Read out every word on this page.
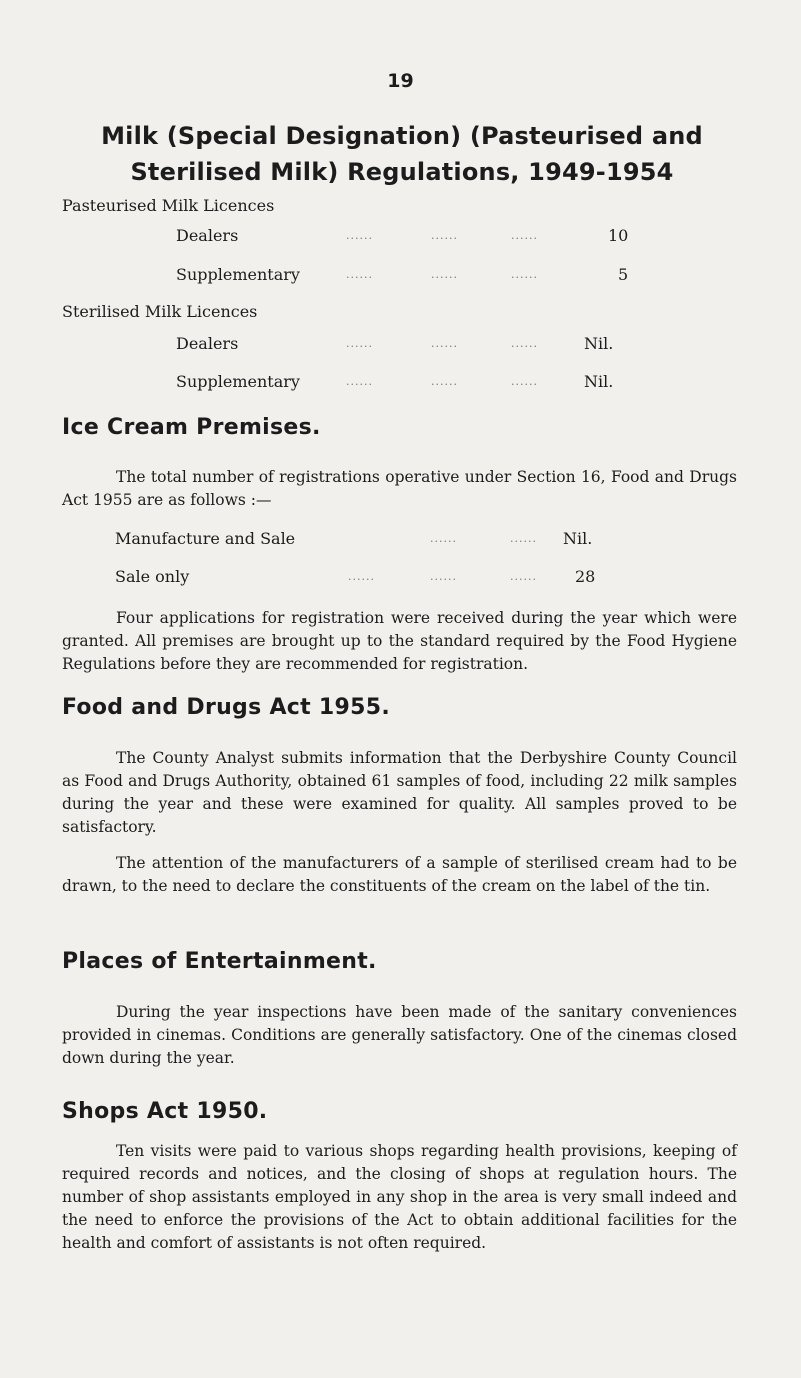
19
Milk (Special Designation) (Pasteurised and Sterilised Milk) Regulations, 1949-1954
Pasteurised Milk Licences
Dealers	......	......	......	10
Supplementary	......	......	......	5
Sterilised Milk Licences
Dealers	......	......	......	Nil.
Supplementary	......	......	......	Nil.
Ice Cream Premises.
The total number of registrations operative under Section 16, Food and Drugs Act 1955 are as follows :—
Manufacture and Sale	......	...... Nil.
Sale only	......	......	...... 28
Four applications for registration were received during the year which were granted. All premises are brought up to the standard required by the Food Hygiene Regulations before they are recommended for registration.
Food and Drugs Act 1955.
The County Analyst submits information that the Derbyshire County Council as Food and Drugs Authority, obtained 61 samples of food, including 22 milk samples during the year and these were examined for quality. All samples proved to be satisfactory.
The attention of the manufacturers of a sample of sterilised cream had to be drawn, to the need to declare the constituents of the cream on the label of the tin.
Places of Entertainment.
During the year inspections have been made of the sanitary conveniences provided in cinemas. Conditions are generally satisfactory. One of the cinemas closed down during the year.
Shops Act 1950.
Ten visits were paid to various shops regarding health provisions, keeping of required records and notices, and the closing of shops at regulation hours. The number of shop assistants employed in any shop in the area is very small indeed and the need to enforce the provisions of the Act to obtain additional facilities for the health and comfort of assistants is not often required.
